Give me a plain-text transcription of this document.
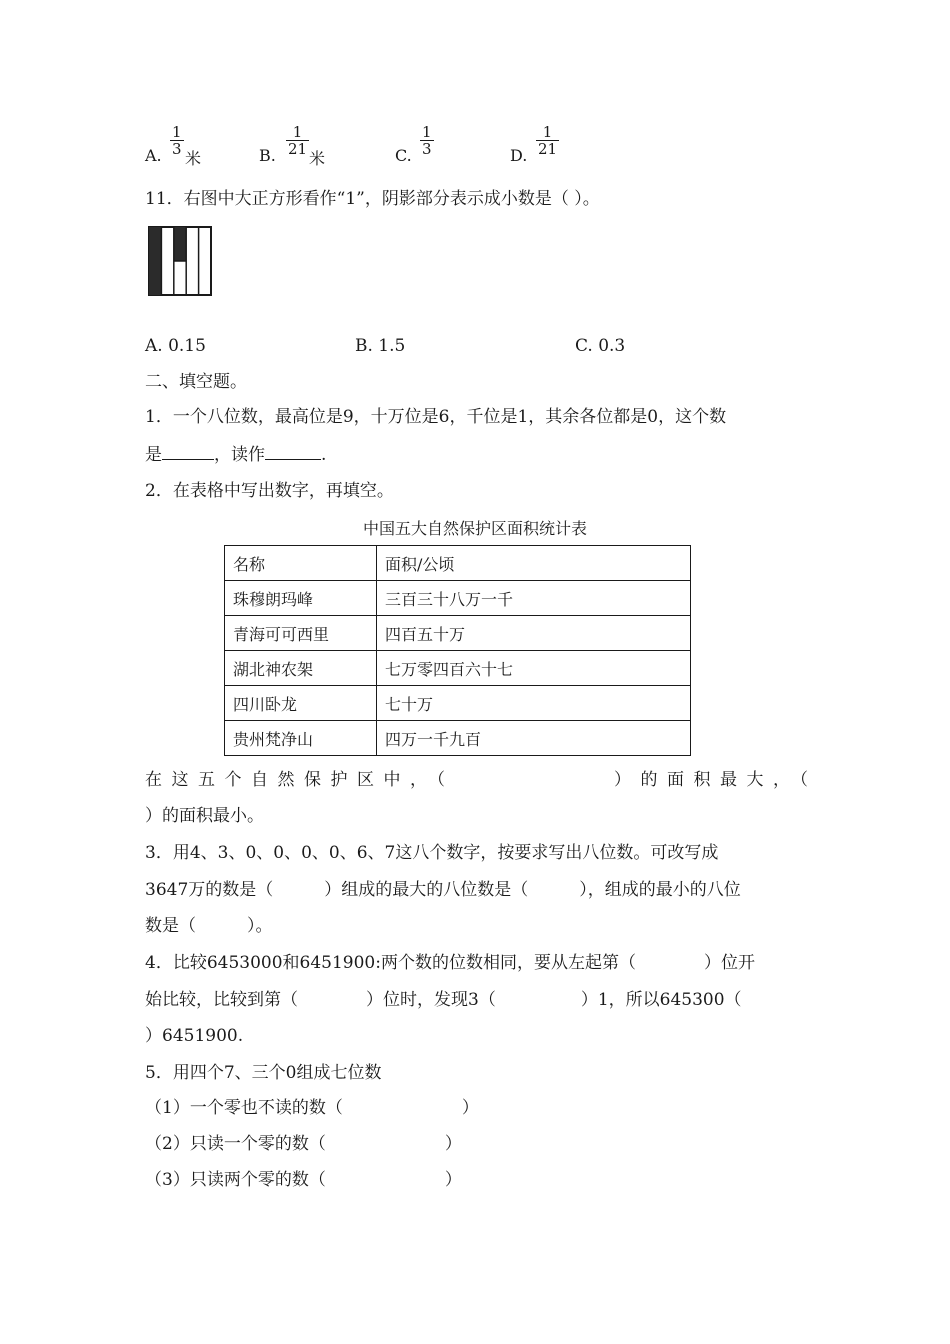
A.
1
3 米	B.
1
21 米	C.
1
3	D.
1
21
11．右图中大正方形看作“1”，阴影部分表示成小数是（ ）。
A. 0.15	B. 1.5	C. 0.3
二、填空题。
1．一个八位数，最高位是9，十万位是6，千位是1，其余各位都是0，这个数
是	，读作	.
2．在表格中写出数字，再填空。
中国五大自然保护区面积统计表
名称	面积/公顷
珠穆朗玛峰	三百三十八万一千
青海可可西里	四百五十万
湖北神农架	七万零四百六十七
四川卧龙	七十万
贵州梵净山	四万一千九百
在这五个自然保护区中，（	）的面积最大，（
）的面积最小。
3．用4、3、0、0、0、0、6、7这八个数字，按要求写出八位数。可改写成
3647万的数是（　　　）组成的最大的八位数是（　　　），组成的最小的八位
数是（　　　）。
4．比较6453000和6451900:两个数的位数相同，要从左起第（　　　　）位开
始比较，比较到第（　　　　）位时，发现3（　　　　　）1，所以645300（
）6451900.
5．用四个7、三个0组成七位数
（1）一个零也不读的数（　　　　　　　）
（2）只读一个零的数（　　　　　　　）
（3）只读两个零的数（　　　　　　　）
